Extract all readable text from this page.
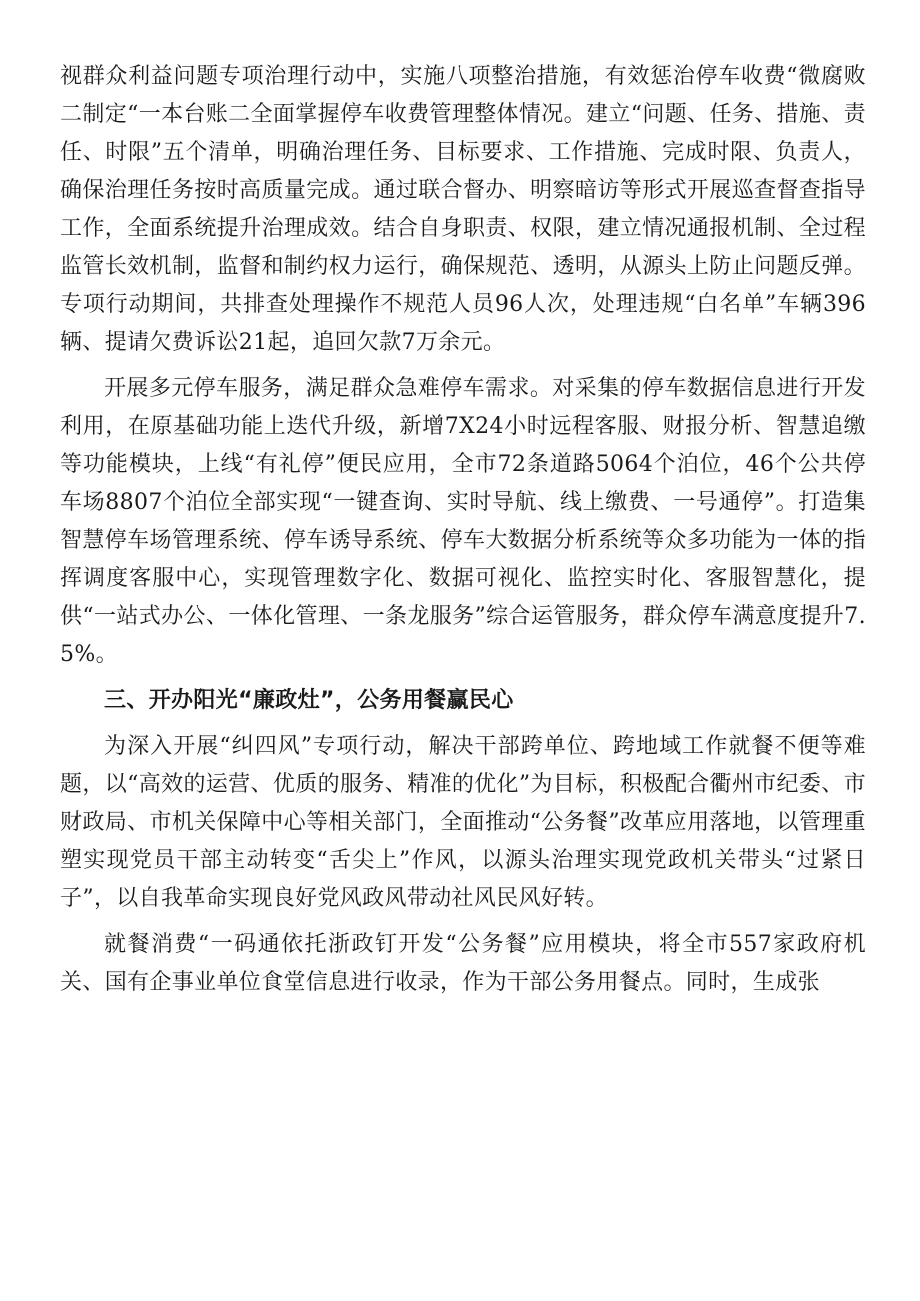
视群众利益问题专项治理行动中，实施八项整治措施，有效惩治停车收费“微腐败二制定“一本台账二全面掌握停车收费管理整体情况。建立“问题、任务、措施、责任、时限”五个清单，明确治理任务、目标要求、工作措施、完成时限、负责人，确保治理任务按时高质量完成。通过联合督办、明察暗访等形式开展巡查督查指导工作，全面系统提升治理成效。结合自身职责、权限，建立情况通报机制、全过程监管长效机制，监督和制约权力运行，确保规范、透明，从源头上防止问题反弹。专项行动期间，共排查处理操作不规范人员96人次，处理违规“白名单”车辆396辆、提请欠费诉讼21起，追回欠款7万余元。

开展多元停车服务，满足群众急难停车需求。对采集的停车数据信息进行开发利用，在原基础功能上迭代升级，新增7X24小时远程客服、财报分析、智慧追缴等功能模块，上线“有礼停”便民应用，全市72条道路5064个泊位，46个公共停车场8807个泊位全部实现“一键查询、实时导航、线上缴费、一号通停”。打造集智慧停车场管理系统、停车诱导系统、停车大数据分析系统等众多功能为一体的指挥调度客服中心，实现管理数字化、数据可视化、监控实时化、客服智慧化，提供“一站式办公、一体化管理、一条龙服务”综合运管服务，群众停车满意度提升7.5%。

三、开办阳光“廉政灶”，公务用餐赢民心

为深入开展“纠四风”专项行动，解决干部跨单位、跨地域工作就餐不便等难题，以“高效的运营、优质的服务、精准的优化”为目标，积极配合衢州市纪委、市财政局、市机关保障中心等相关部门，全面推动“公务餐”改革应用落地，以管理重塑实现党员干部主动转变“舌尖上”作风，以源头治理实现党政机关带头“过紧日子”，以自我革命实现良好党风政风带动社风民风好转。

就餐消费“一码通依托浙政钉开发“公务餐”应用模块，将全市557家政府机关、国有企事业单位食堂信息进行收录，作为干部公务用餐点。同时，生成张
